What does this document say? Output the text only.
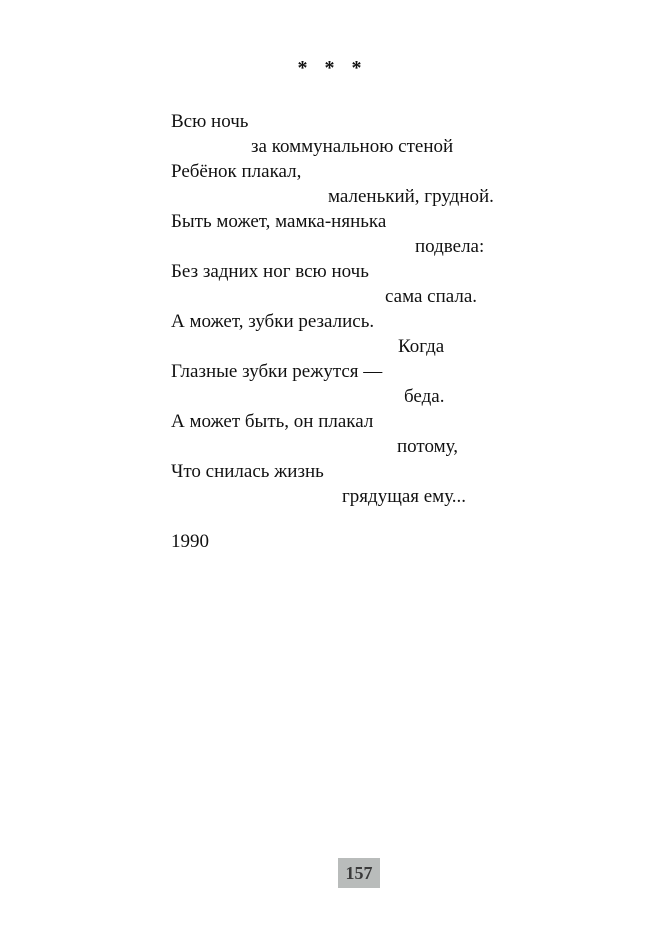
* * *
Всю ночь
за коммунальною стеной
Ребёнок плакал,
маленький, грудной.
Быть может, мамка-нянька
подвела:
Без задних ног всю ночь
сама спала.
А может, зубки резались.
Когда
Глазные зубки режутся —
беда.
А может быть, он плакал
потому,
Что снилась жизнь
грядущая ему...
1990
157
